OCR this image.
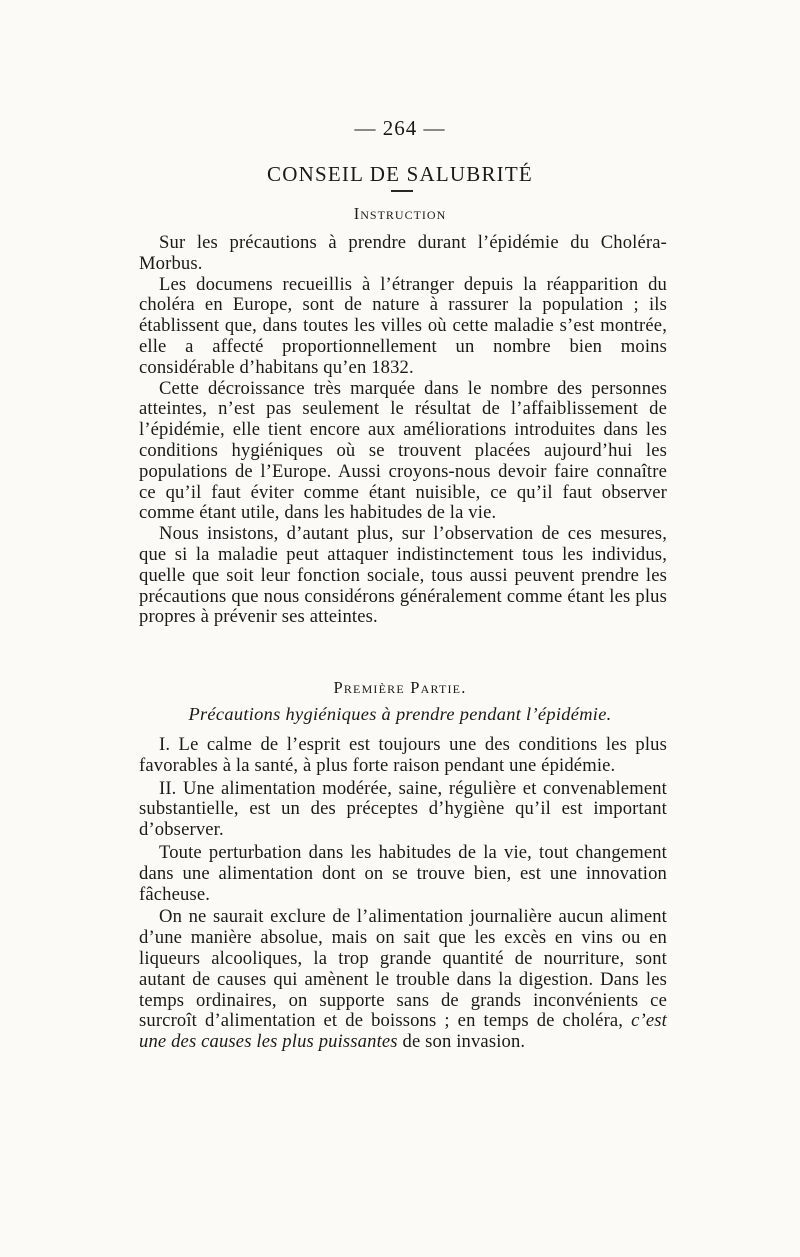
— 264 —
CONSEIL DE SALUBRITÉ
Instruction

Sur les précautions à prendre durant l’épidémie du Choléra-Morbus.

Les documens recueillis à l’étranger depuis la réapparition du choléra en Europe, sont de nature à rassurer la population ; ils établissent que, dans toutes les villes où cette maladie s’est montrée, elle a affecté proportionnellement un nombre bien moins considérable d’habitans qu’en 1832.

Cette décroissance très marquée dans le nombre des personnes atteintes, n’est pas seulement le résultat de l’affaiblissement de l’épidémie, elle tient encore aux améliorations introduites dans les conditions hygiéniques où se trouvent placées aujourd’hui les populations de l’Europe. Aussi croyons-nous devoir faire connaître ce qu’il faut éviter comme étant nuisible, ce qu’il faut observer comme étant utile, dans les habitudes de la vie.

Nous insistons, d’autant plus, sur l’observation de ces mesures, que si la maladie peut attaquer indistinctement tous les individus, quelle que soit leur fonction sociale, tous aussi peuvent prendre les précautions que nous considérons généralement comme étant les plus propres à prévenir ses atteintes.

Première Partie.
Précautions hygiéniques à prendre pendant l’épidémie.

I. Le calme de l’esprit est toujours une des conditions les plus favorables à la santé, à plus forte raison pendant une épidémie.

II. Une alimentation modérée, saine, régulière et convenablement substantielle, est un des préceptes d’hygiène qu’il est important d’observer.

Toute perturbation dans les habitudes de la vie, tout changement dans une alimentation dont on se trouve bien, est une innovation fâcheuse.

On ne saurait exclure de l’alimentation journalière aucun aliment d’une manière absolue, mais on sait que les excès en vins ou en liqueurs alcooliques, la trop grande quantité de nourriture, sont autant de causes qui amènent le trouble dans la digestion. Dans les temps ordinaires, on supporte sans de grands inconvénients ce surcroît d’alimentation et de boissons ; en temps de choléra, c’est une des causes les plus puissantes de son invasion.
